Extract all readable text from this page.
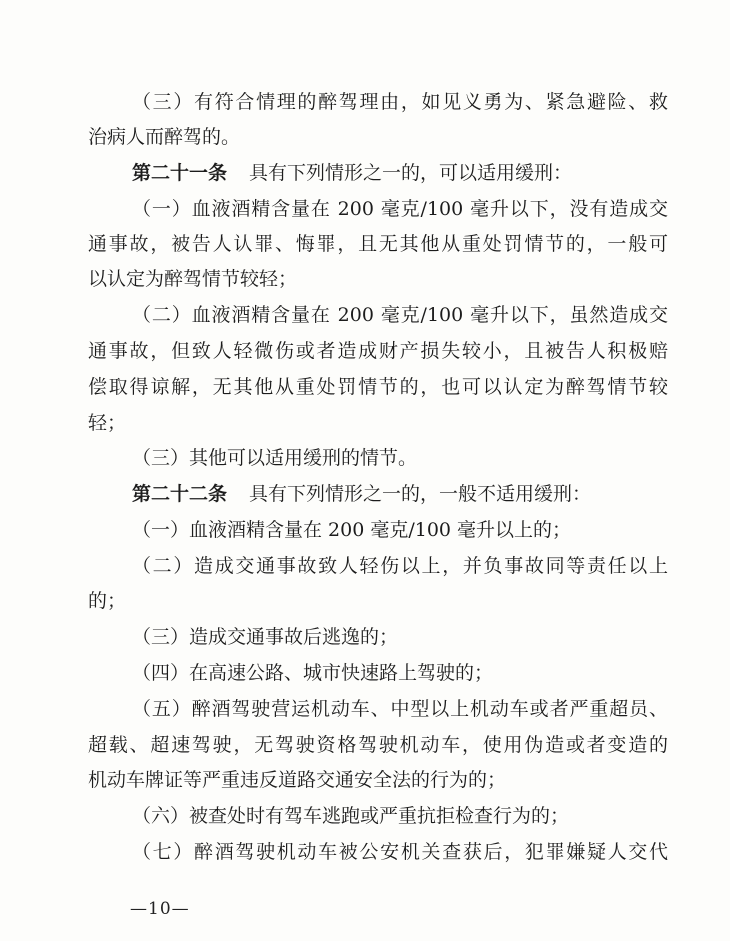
（三）有符合情理的醉驾理由，如见义勇为、紧急避险、救
治病人而醉驾的。
第二十一条 具有下列情形之一的，可以适用缓刑：
（一）血液酒精含量在 200 毫克/100 毫升以下，没有造成交
通事故，被告人认罪、悔罪，且无其他从重处罚情节的，一般可
以认定为醉驾情节较轻；
（二）血液酒精含量在 200 毫克/100 毫升以下，虽然造成交
通事故，但致人轻微伤或者造成财产损失较小，且被告人积极赔
偿取得谅解，无其他从重处罚情节的，也可以认定为醉驾情节较
轻；
（三）其他可以适用缓刑的情节。
第二十二条 具有下列情形之一的，一般不适用缓刑：
（一）血液酒精含量在 200 毫克/100 毫升以上的；
（二）造成交通事故致人轻伤以上，并负事故同等责任以上
的；
（三）造成交通事故后逃逸的；
（四）在高速公路、城市快速路上驾驶的；
（五）醉酒驾驶营运机动车、中型以上机动车或者严重超员、
超载、超速驾驶，无驾驶资格驾驶机动车，使用伪造或者变造的
机动车牌证等严重违反道路交通安全法的行为的；
（六）被查处时有驾车逃跑或严重抗拒检查行为的；
（七）醉酒驾驶机动车被公安机关查获后，犯罪嫌疑人交代
—10—
